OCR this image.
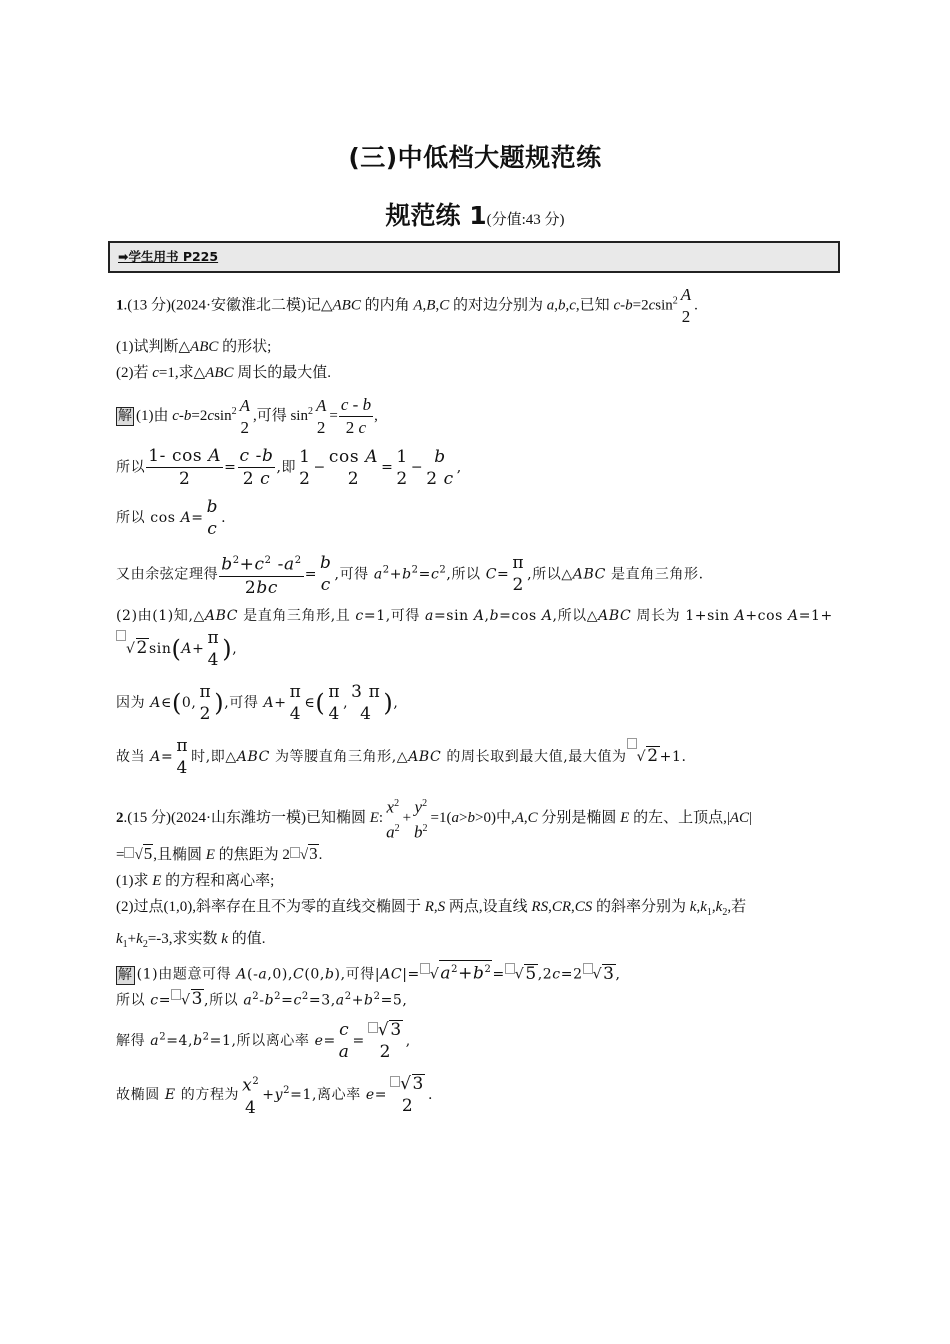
(三)中低档大题规范练
规范练 1(分值:43 分)
➡学生用书 P225
1.(13 分)(2024·安徽淮北二模)记△ABC 的内角 A,B,C 的对边分别为 a,b,c,已知 c-b=2csin$^2$ A
2
.
(1)试判断△ABC 的形状;
(2)若 c=1,求△ABC 周长的最大值.
解 (1)由 c-b=2csin$^2$ A
2
,可得 $\sin^2 A$
2
= $\frac{c - b}{2 c}$ ,
所以 $\frac{\text{1- cos A}}{2} = \frac{c -b}{2 c}$ ,即
1
2
−
cos A
2
=
1
2
−
b
2 c
,
所以 cos A=
b
c
.
又由余弦定理得 $\frac{b^2+c^2 -a^2}{2bc}$ =
b
c
,可得 $a^2+b^2=c^2$,所以 C=
π
2
,所以△ABC 是直角三角形.
(2)由(1)知,△ABC 是直角三角形,且 c=1,可得 a=sin A,b=cos A,所以△ABC 周长为 1+sin A+cos A=1+
√2sin(A+
π
4 ),
因为 A∈(0,
π
2 ),可得 A+
π
4
∈( π
4
,
3 π
4 ),
故当 A=
π
4
时,即△ABC 为等腰直角三角形,△ABC 的周长取到最大值,最大值为 √2+1.
2.(15 分)(2024·山东潍坊一模)已知椭圆 E:
$x^2$
$a^2$
+
$y^2$
$b^2$
=1(a>b>0)中,A,C 分别是椭圆 E 的左、上顶点,|AC|
= √5,且椭圆 E 的焦距为 2 √3.
(1)求 E 的方程和离心率;
(2)过点(1,0),斜率存在且不为零的直线交椭圆于 R,S 两点,设直线 RS,CR,CS 的斜率分别为 $k,k_1,k_2$,若
$k_1+k_2=-3$,求实数 k 的值.
解 (1)由题意可得 A(-a,0),C(0,b),可得$|AC|= √a^2+b^2= √5,2c=2$ √3,
所以 c= √3,所以 $a^2-b^2=c^2=3,a^2+b^2=5$,
解得 $a^2=4,b^2=1$,所以离心率 e=
c
a
=
√3
2
,
故椭圆 E 的方程为 $x^2$
4
$+y^2=1$,离心率 e=
√3
2
.
